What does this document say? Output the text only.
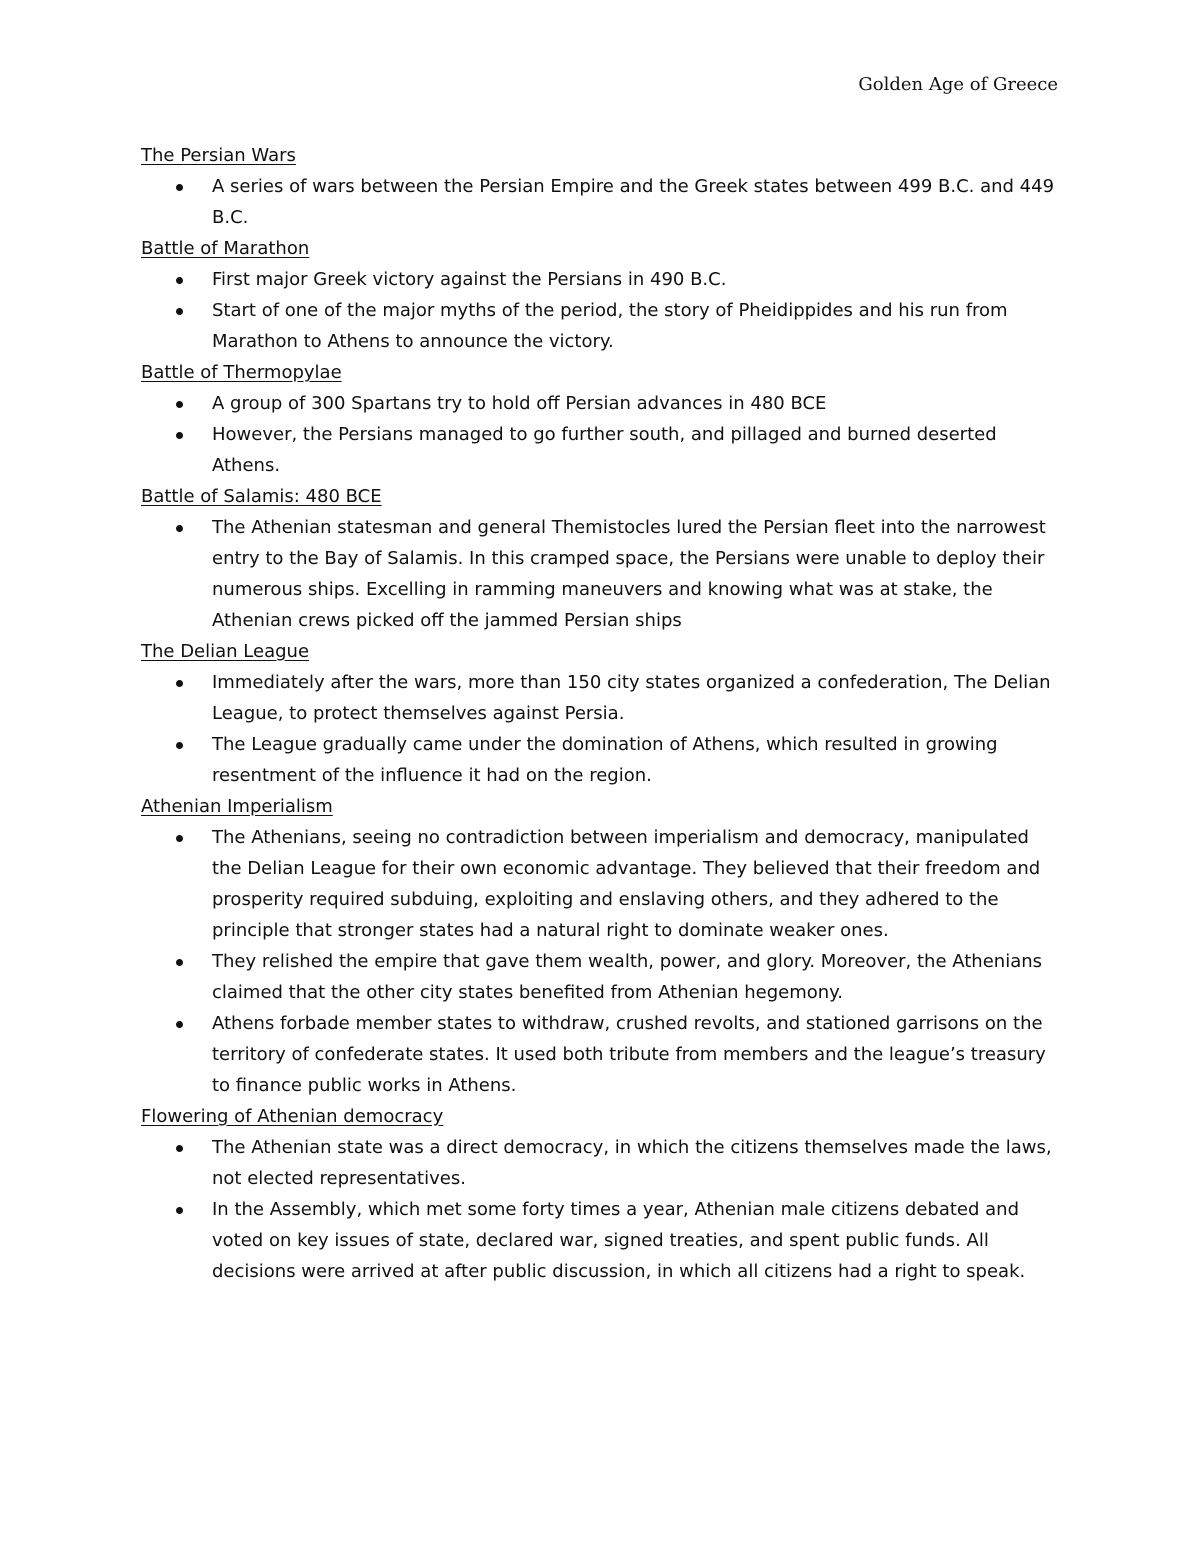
Golden Age of Greece
The Persian Wars
A series of wars between the Persian Empire and the Greek states between 499 B.C. and 449 B.C.
Battle of Marathon
First major Greek victory against the Persians in 490 B.C.
Start of one of the major myths of the period, the story of Pheidippides and his run from Marathon to Athens to announce the victory.
Battle of Thermopylae
A group of 300 Spartans try to hold off Persian advances in 480 BCE
However, the Persians managed to go further south, and pillaged and burned deserted Athens.
Battle of Salamis: 480 BCE
The Athenian statesman and general Themistocles lured the Persian fleet into the narrowest entry to the Bay of Salamis. In this cramped space, the Persians were unable to deploy their numerous ships. Excelling in ramming maneuvers and knowing what was at stake, the Athenian crews picked off the jammed Persian ships
The Delian League
Immediately after the wars, more than 150 city states organized a confederation, The Delian League, to protect themselves against Persia.
The League gradually came under the domination of Athens, which resulted in growing resentment of the influence it had on the region.
Athenian Imperialism
The Athenians, seeing no contradiction between imperialism and democracy, manipulated the Delian League for their own economic advantage. They believed that their freedom and prosperity required subduing, exploiting and enslaving others, and they adhered to the principle that stronger states had a natural right to dominate weaker ones.
They relished the empire that gave them wealth, power, and glory. Moreover, the Athenians claimed that the other city states benefited from Athenian hegemony.
Athens forbade member states to withdraw, crushed revolts, and stationed garrisons on the territory of confederate states. It used both tribute from members and the league’s treasury to finance public works in Athens.
Flowering of Athenian democracy
The Athenian state was a direct democracy, in which the citizens themselves made the laws, not elected representatives.
In the Assembly, which met some forty times a year, Athenian male citizens debated and voted on key issues of state, declared war, signed treaties, and spent public funds. All decisions were arrived at after public discussion, in which all citizens had a right to speak.
